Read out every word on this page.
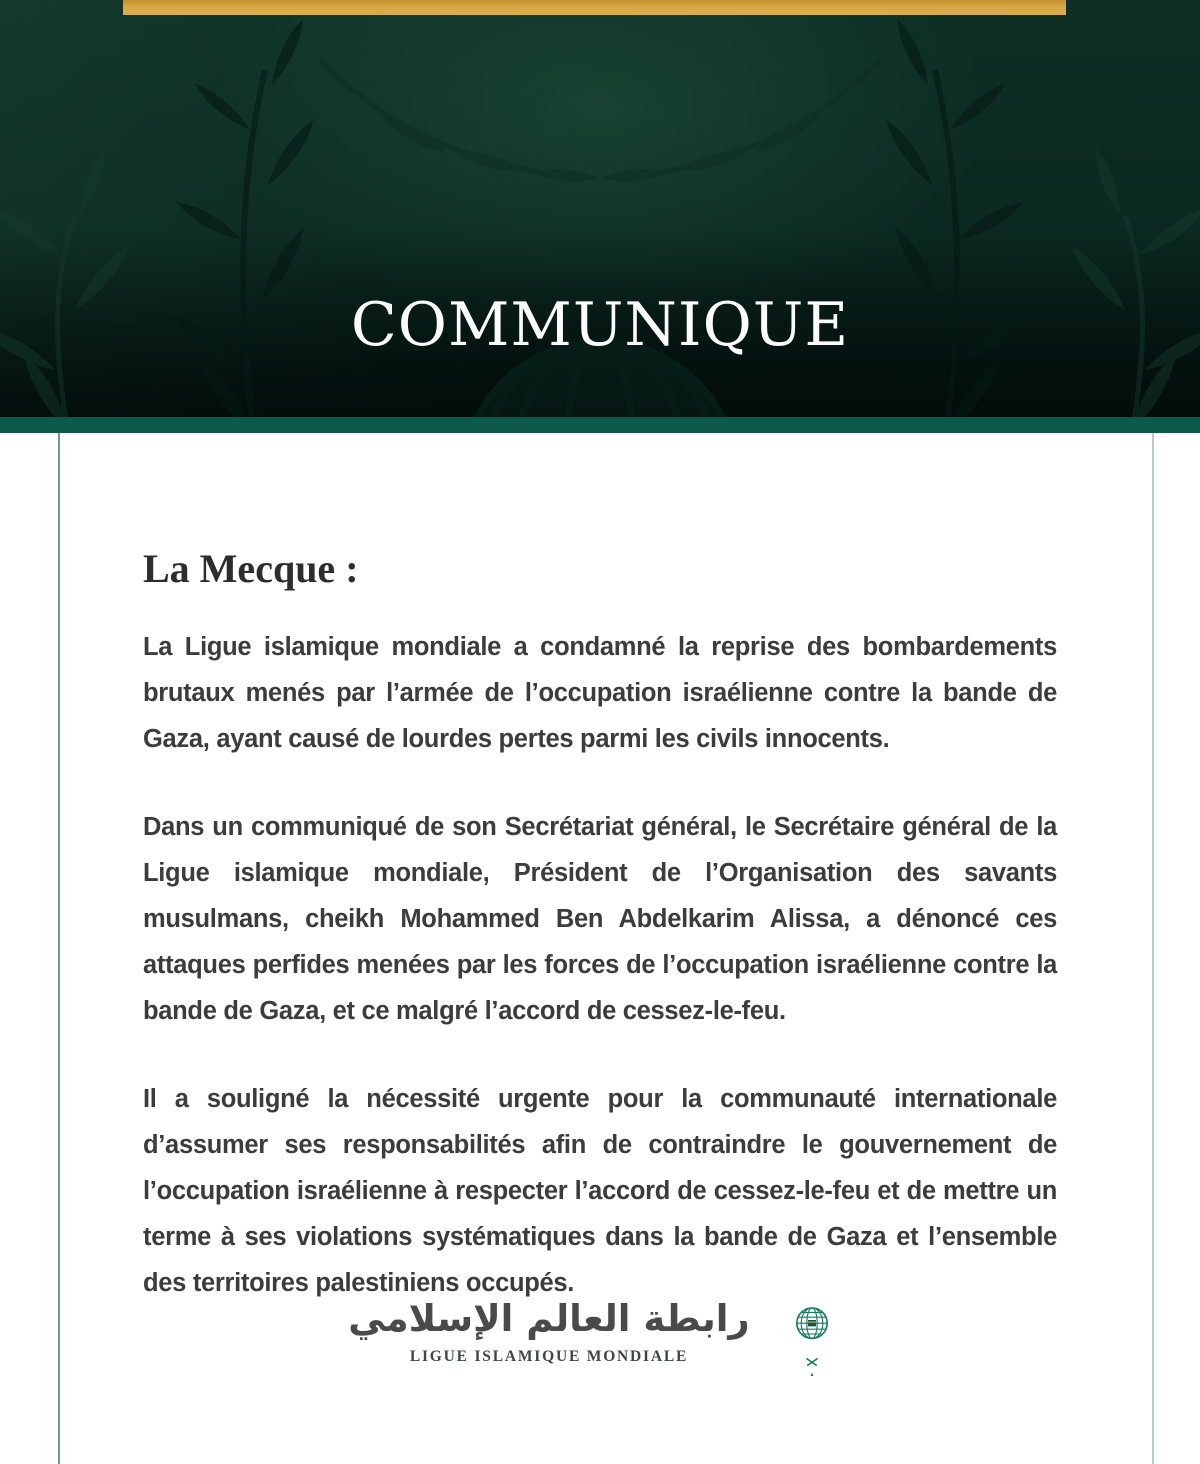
COMMUNIQUE
La Mecque :

La Ligue islamique mondiale a condamné la reprise des bombardements brutaux menés par l’armée de l’occupation israélienne contre la bande de Gaza, ayant causé de lourdes pertes parmi les civils innocents.

Dans un communiqué de son Secrétariat général, le Secrétaire général de la Ligue islamique mondiale, Président de l’Organisation des savants musulmans, cheikh Mohammed Ben Abdelkarim Alissa, a dénoncé ces attaques perfides menées par les forces de l’occupation israélienne contre la bande de Gaza, et ce malgré l’accord de cessez-le-feu.

Il a souligné la nécessité urgente pour la communauté internationale d’assumer ses responsabilités afin de contraindre le gouvernement de l’occupation israélienne à respecter l’accord de cessez-le-feu et de mettre un terme à ses violations systématiques dans la bande de Gaza et l’ensemble des territoires palestiniens occupés.

رابطة العالم الإسلامي
LIGUE ISLAMIQUE MONDIALE
